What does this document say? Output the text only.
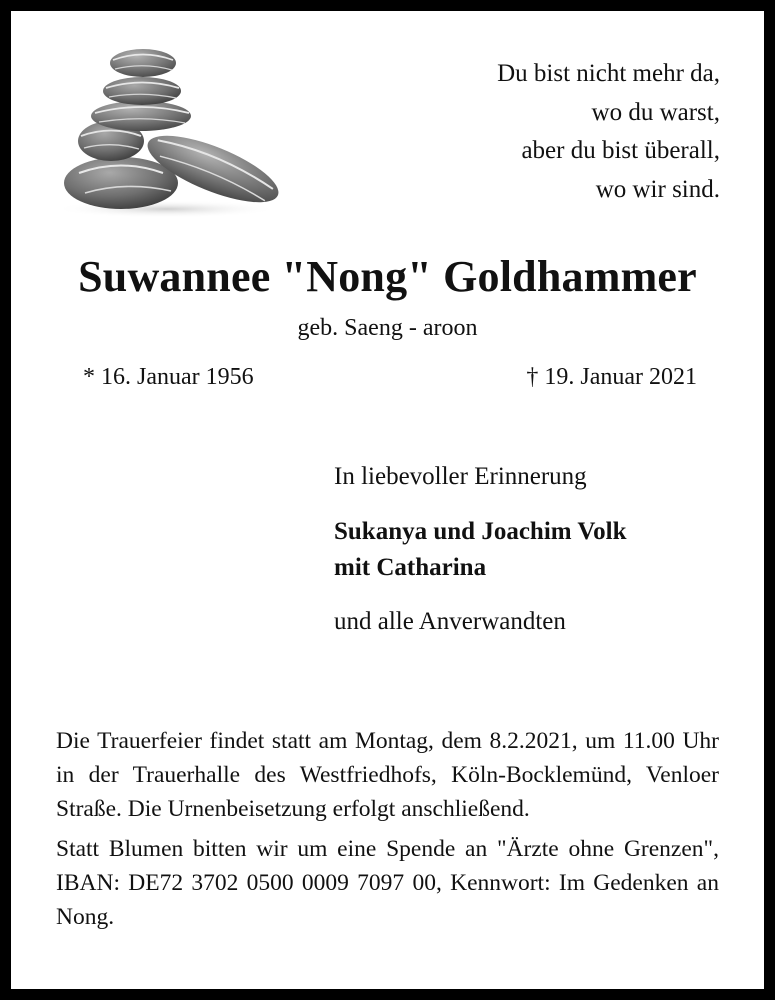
Du bist nicht mehr da,
wo du warst,
aber du bist überall,
wo wir sind.
Suwannee "Nong" Goldhammer
geb. Saeng - aroon
* 16. Januar 1956	† 19. Januar 2021
In liebevoller Erinnerung
Sukanya und Joachim Volk
mit Catharina
und alle Anverwandten

Die Trauerfeier findet statt am Montag, dem 8.2.2021, um 11.00 Uhr in der Trauerhalle des Westfriedhofs, Köln-Bocklemünd, Venloer Straße. Die Urnenbeisetzung erfolgt anschließend.

Statt Blumen bitten wir um eine Spende an "Ärzte ohne Grenzen", IBAN: DE72 3702 0500 0009 7097 00, Kennwort: Im Gedenken an Nong.
